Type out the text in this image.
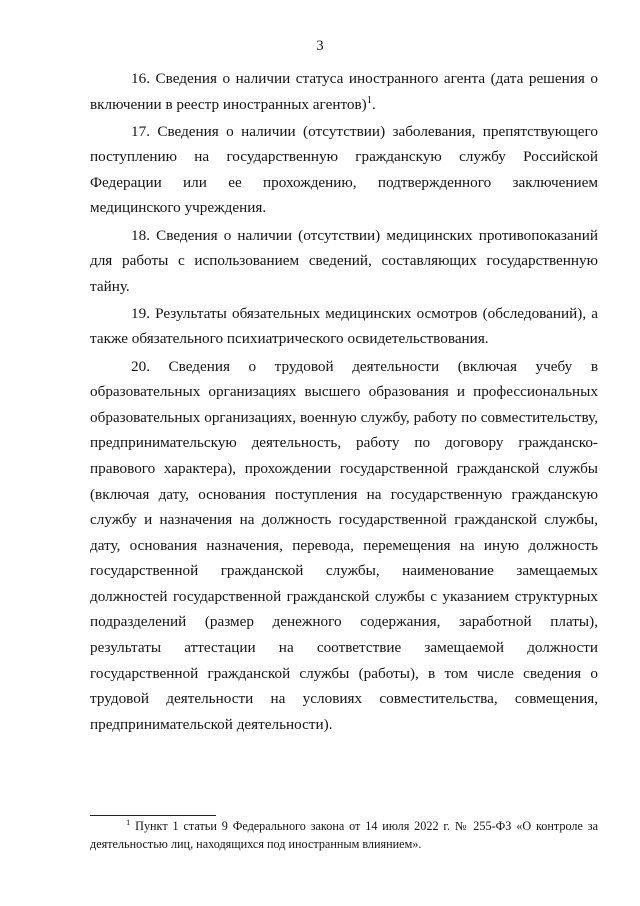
3

16. Сведения о наличии статуса иностранного агента (дата решения о включении в реестр иностранных агентов)$^1$.

17. Сведения о наличии (отсутствии) заболевания, препятствующего поступлению на государственную гражданскую службу Российской Федерации или ее прохождению, подтвержденного заключением медицинского учреждения.

18. Сведения о наличии (отсутствии) медицинских противопоказаний для работы с использованием сведений, составляющих государственную тайну.

19. Результаты обязательных медицинских осмотров (обследований), а также обязательного психиатрического освидетельствования.

20. Сведения о трудовой деятельности (включая учебу в образовательных организациях высшего образования и профессиональных образовательных организациях, военную службу, работу по совместительству, предпринимательскую деятельность, работу по договору гражданско-правового характера), прохождении государственной гражданской службы (включая дату, основания поступления на государственную гражданскую службу и назначения на должность государственной гражданской службы, дату, основания назначения, перевода, перемещения на иную должность государственной гражданской службы, наименование замещаемых должностей государственной гражданской службы с указанием структурных подразделений (размер денежного содержания, заработной платы), результаты аттестации на соответствие замещаемой должности государственной гражданской службы (работы), в том числе сведения о трудовой деятельности на условиях совместительства, совмещения, предпринимательской деятельности).

$^1$ Пункт 1 статьи 9 Федерального закона от 14 июля 2022 г. № 255-ФЗ «О контроле за деятельностью лиц, находящихся под иностранным влиянием».
